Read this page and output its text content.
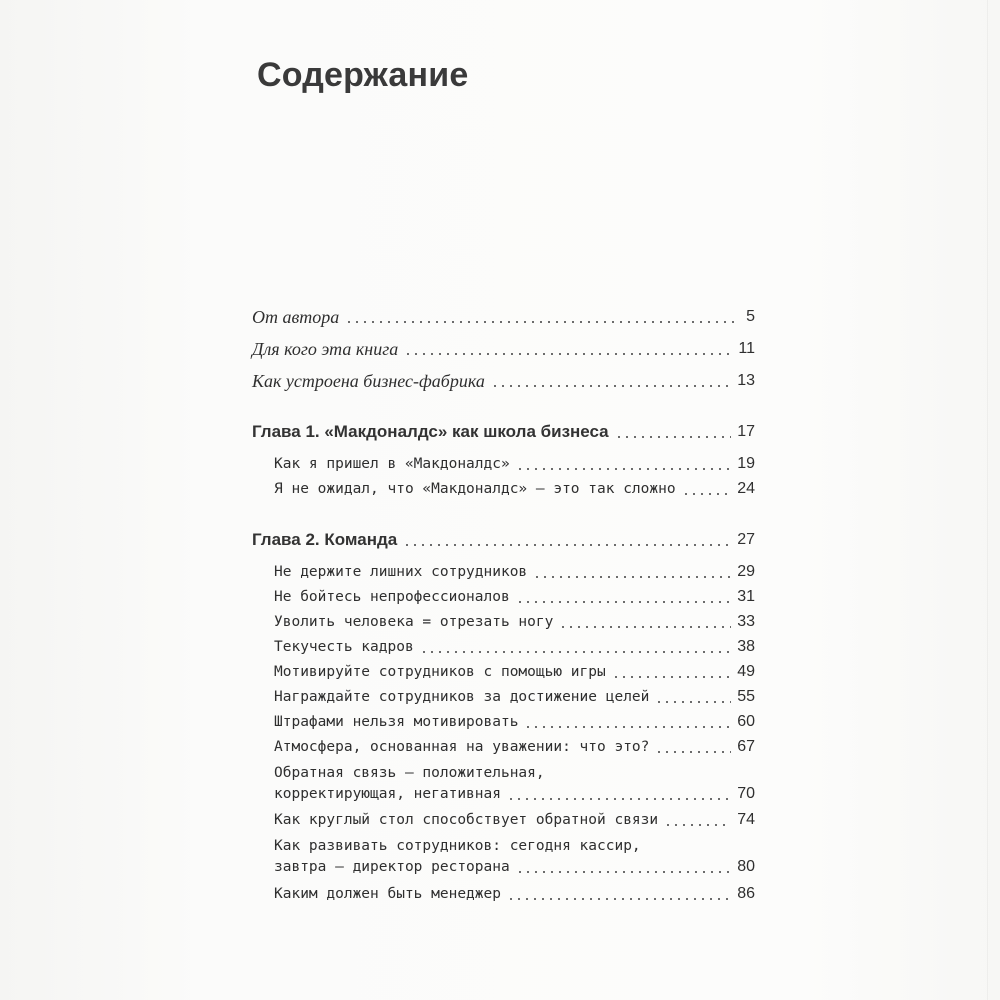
Содержание
От автора	5
Для кого эта книга	11
Как устроена бизнес-фабрика	13
Глава 1. «Макдоналдс» как школа бизнеса	17
Как я пришел в «Макдоналдс»	19
Я не ожидал, что «Макдоналдс» — это так сложно	24
Глава 2. Команда	27
Не держите лишних сотрудников	29
Не бойтесь непрофессионалов	31
Уволить человека = отрезать ногу	33
Текучесть кадров	38
Мотивируйте сотрудников с помощью игры	49
Награждайте сотрудников за достижение целей	55
Штрафами нельзя мотивировать	60
Атмосфера, основанная на уважении: что это?	67
Обратная связь — положительная,
корректирующая, негативная	70
Как круглый стол способствует обратной связи	74
Как развивать сотрудников: сегодня кассир,
завтра — директор ресторана	80
Каким должен быть менеджер	86
